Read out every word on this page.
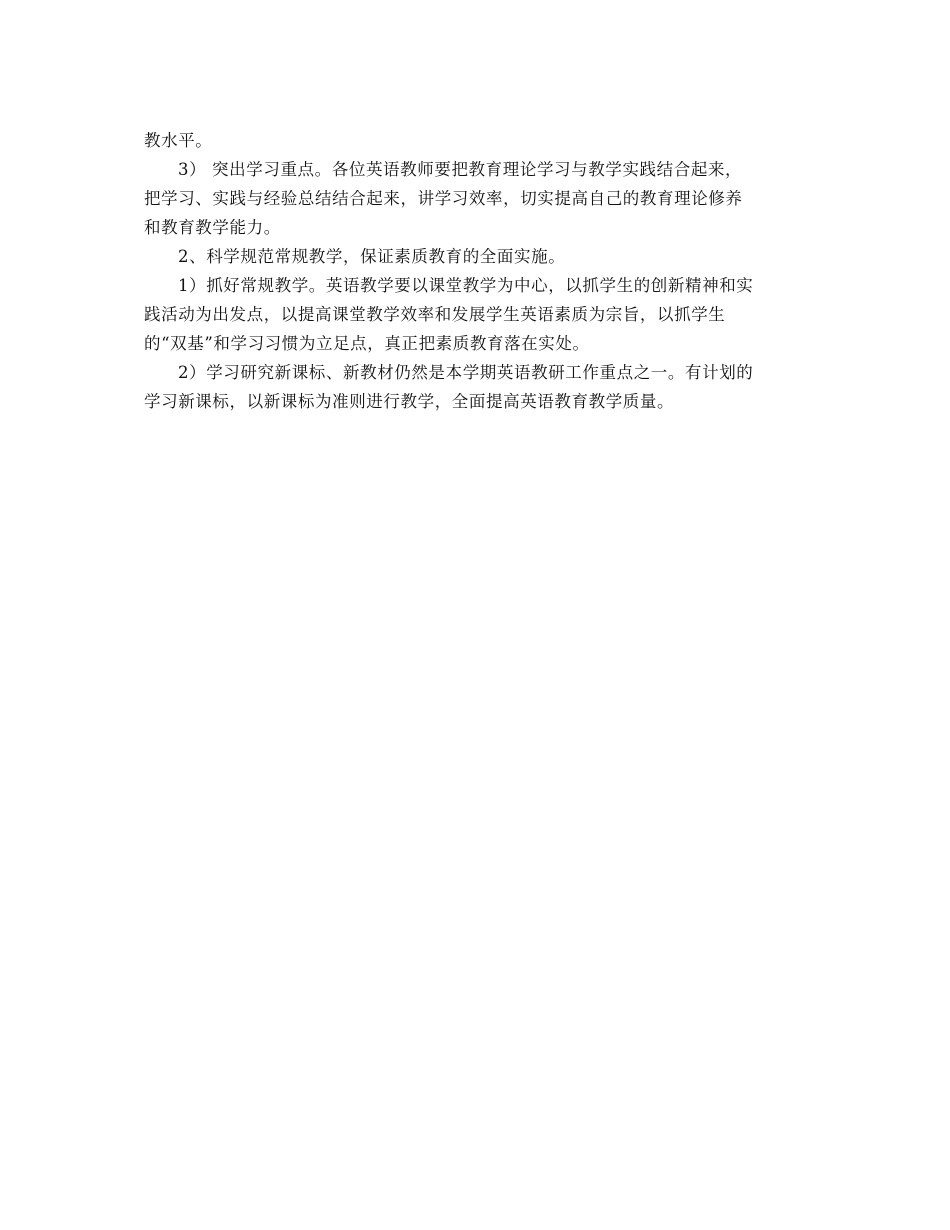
教水平。
3） 突出学习重点。各位英语教师要把教育理论学习与教学实践结合起来，
把学习、实践与经验总结结合起来，讲学习效率，切实提高自己的教育理论修养
和教育教学能力。
2、科学规范常规教学，保证素质教育的全面实施。
1）抓好常规教学。英语教学要以课堂教学为中心，以抓学生的创新精神和实
践活动为出发点，以提高课堂教学效率和发展学生英语素质为宗旨，以抓学生
的“双基”和学习习惯为立足点，真正把素质教育落在实处。
2）学习研究新课标、新教材仍然是本学期英语教研工作重点之一。有计划的
学习新课标，以新课标为准则进行教学，全面提高英语教育教学质量。
